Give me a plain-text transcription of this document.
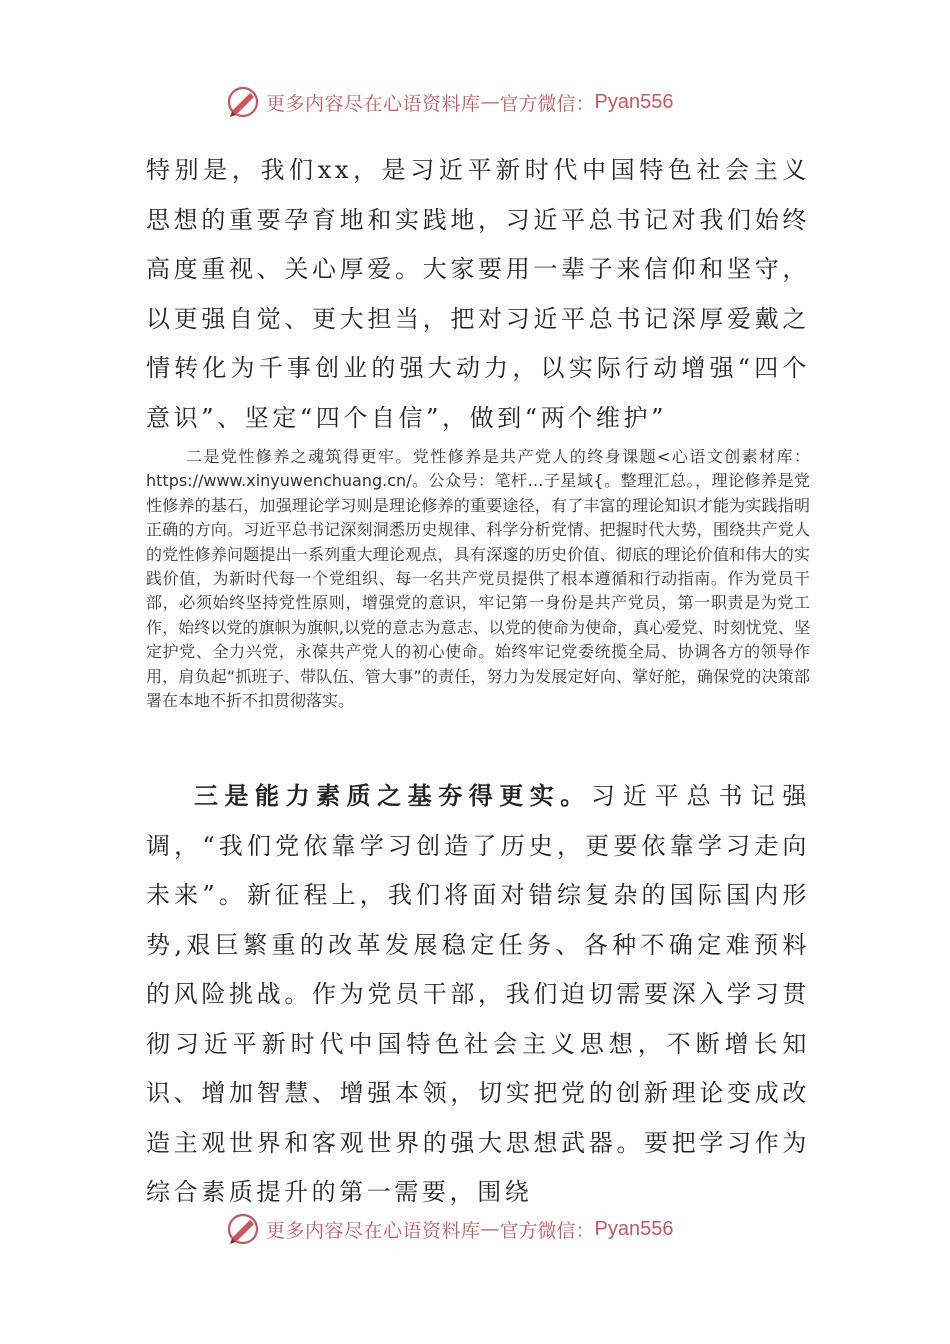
更多内容尽在心语资料库 — 官方微信： Pyan556

特别是，我们xx，是习近平新时代中国特色社会主义思想的重要孕育地和实践地，习近平总书记对我们始终高度重视、关心厚爱。大家要用一辈子来信仰和坚守，以更强自觉、更大担当，把对习近平总书记深厚爱戴之情转化为千事创业的强大动力，以实际行动增强“四个意识”、坚定“四个自信”，做到“两个维护”

二是党性修养之魂筑得更牢。党性修养是共产党人的终身课题<心语文创素材库：https://www.xinyuwenchuang.cn/。公众号：笔杆…子星域{。整理汇总。，理论修养是党性修养的基石，加强理论学习则是理论修养的重要途径，有了丰富的理论知识才能为实践指明正确的方向。习近平总书记深刻洞悉历史规律、科学分析党情、把握时代大势，围绕共产党人的党性修养问题提出一系列重大理论观点，具有深邃的历史价值、彻底的理论价值和伟大的实践价值，为新时代每一个党组织、每一名共产党员提供了根本遵循和行动指南。作为党员干部，必须始终坚持党性原则，增强党的意识，牢记第一身份是共产党员，第一职责是为党工作，始终以党的旗帜为旗帜,以党的意志为意志、以党的使命为使命，真心爱党、时刻忧党、坚定护党、全力兴党，永葆共产党人的初心使命。始终牢记党委统揽全局、协调各方的领导作用，肩负起“抓班子、带队伍、管大事”的责任，努力为发展定好向、掌好舵，确保党的决策部署在本地不折不扣贯彻落实。

三是能力素质之基夯得更实。习近平总书记强调，“我们党依靠学习创造了历史，更要依靠学习走向未来”。新征程上，我们将面对错综复杂的国际国内形势,艰巨繁重的改革发展稳定任务、各种不确定难预料的风险挑战。作为党员干部，我们迫切需要深入学习贯彻习近平新时代中国特色社会主义思想，不断增长知识、增加智慧、增强本领，切实把党的创新理论变成改造主观世界和客观世界的强大思想武器。要把学习作为综合素质提升的第一需要，围绕

更多内容尽在心语资料库 — 官方微信： Pyan556
